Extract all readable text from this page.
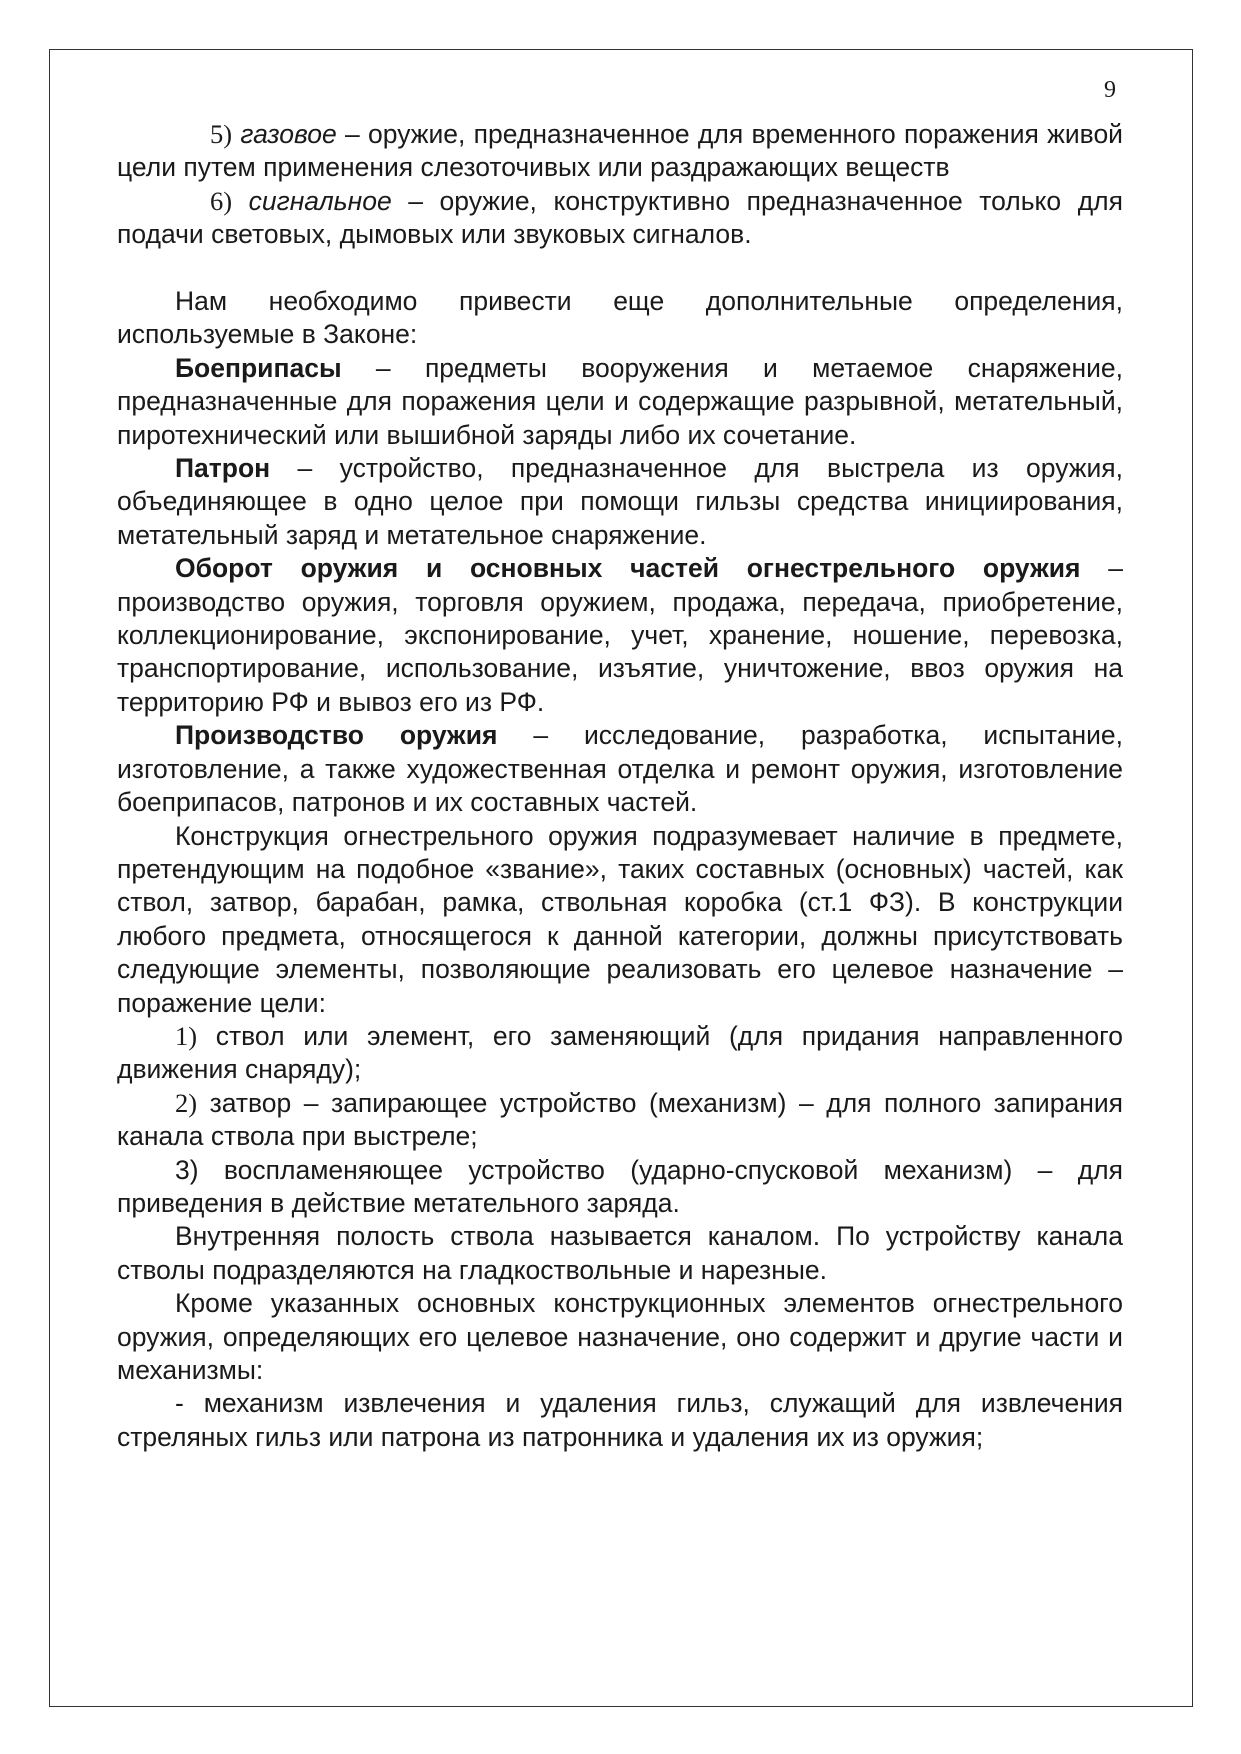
9

5) газовое – оружие, предназначенное для временного поражения живой цели путем применения слезоточивых или раздражающих веществ

6) сигнальное – оружие, конструктивно предназначенное только для подачи световых, дымовых или звуковых сигналов.

Нам необходимо привести еще дополнительные определения, используемые в Законе:

Боеприпасы – предметы вооружения и метаемое снаряжение, предназначенные для поражения цели и содержащие разрывной, метательный, пиротехнический или вышибной заряды либо их сочетание.

Патрон – устройство, предназначенное для выстрела из оружия, объединяющее в одно целое при помощи гильзы средства инициирования, метательный заряд и метательное снаряжение.

Оборот оружия и основных частей огнестрельного оружия – производство оружия, торговля оружием, продажа, передача, приобретение, коллекционирование, экспонирование, учет, хранение, ношение, перевозка, транспортирование, использование, изъятие, уничтожение, ввоз оружия на территорию РФ и вывоз его из РФ.

Производство оружия – исследование, разработка, испытание, изготовление, а также художественная отделка и ремонт оружия, изготовление боеприпасов, патронов и их составных частей.

Конструкция огнестрельного оружия подразумевает наличие в предмете, претендующим на подобное «звание», таких составных (основных) частей, как ствол, затвор, барабан, рамка, ствольная коробка (ст.1 ФЗ). В конструкции любого предмета, относящегося к данной категории, должны присутствовать следующие элементы, позволяющие реализовать его целевое назначение – поражение цели:

1) ствол или элемент, его заменяющий (для придания направленного движения снаряду);

2) затвор – запирающее устройство (механизм) – для полного запирания канала ствола при выстреле;

3) воспламеняющее устройство (ударно-спусковой механизм) – для приведения в действие метательного заряда.

Внутренняя полость ствола называется каналом. По устройству канала стволы подразделяются на гладкоствольные и нарезные.

Кроме указанных основных конструкционных элементов огнестрельного оружия, определяющих его целевое назначение, оно содержит и другие части и механизмы:

- механизм извлечения и удаления гильз, служащий для извлечения стреляных гильз или патрона из патронника и удаления их из оружия;
